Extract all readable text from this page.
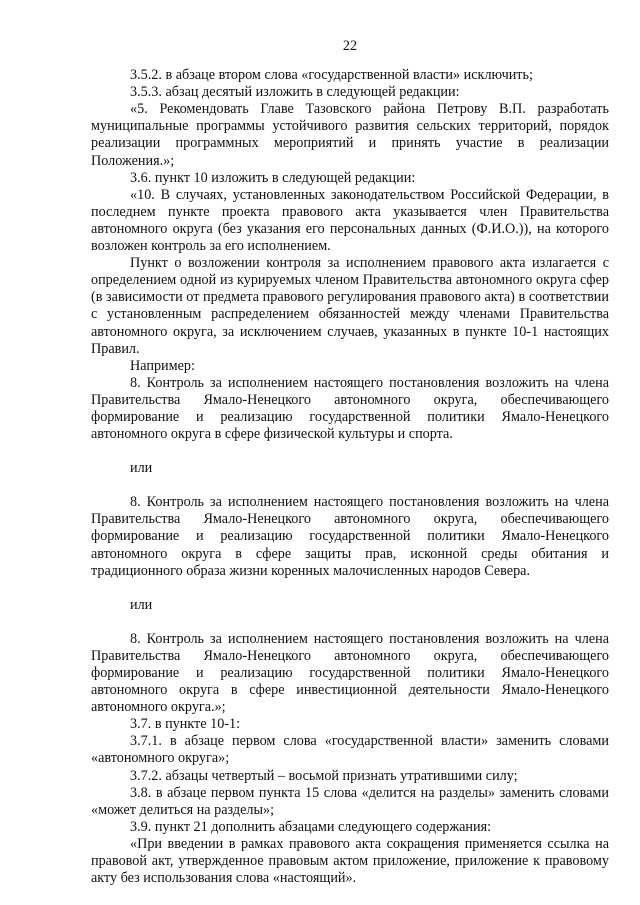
22

3.5.2. в абзаце втором слова «государственной власти» исключить;

3.5.3. абзац десятый изложить в следующей редакции:

«5. Рекомендовать Главе Тазовского района Петрову В.П. разработать муниципальные программы устойчивого развития сельских территорий, порядок реализации программных мероприятий и принять участие в реализации Положения.»;

3.6. пункт 10 изложить в следующей редакции:

«10. В случаях, установленных законодательством Российской Федерации, в последнем пункте проекта правового акта указывается член Правительства автономного округа (без указания его персональных данных (Ф.И.О.)), на которого возложен контроль за его исполнением.

Пункт о возложении контроля за исполнением правового акта излагается с определением одной из курируемых членом Правительства автономного округа сфер (в зависимости от предмета правового регулирования правового акта) в соответствии с установленным распределением обязанностей между членами Правительства автономного округа, за исключением случаев, указанных в пункте 10-1 настоящих Правил.

Например:

8. Контроль за исполнением настоящего постановления возложить на члена Правительства Ямало-Ненецкого автономного округа, обеспечивающего формирование и реализацию государственной политики Ямало-Ненецкого автономного округа в сфере физической культуры и спорта.

или

8. Контроль за исполнением настоящего постановления возложить на члена Правительства Ямало-Ненецкого автономного округа, обеспечивающего формирование и реализацию государственной политики Ямало-Ненецкого автономного округа в сфере защиты прав, исконной среды обитания и традиционного образа жизни коренных малочисленных народов Севера.

или

8. Контроль за исполнением настоящего постановления возложить на члена Правительства Ямало-Ненецкого автономного округа, обеспечивающего формирование и реализацию государственной политики Ямало-Ненецкого автономного округа в сфере инвестиционной деятельности Ямало-Ненецкого автономного округа.»;

3.7. в пункте 10-1:

3.7.1. в абзаце первом слова «государственной власти» заменить словами «автономного округа»;

3.7.2. абзацы четвертый – восьмой признать утратившими силу;

3.8. в абзаце первом пункта 15 слова «делится на разделы» заменить словами «может делиться на разделы»;

3.9. пункт 21 дополнить абзацами следующего содержания:

«При введении в рамках правового акта сокращения применяется ссылка на правовой акт, утвержденное правовым актом приложение, приложение к правовому акту без использования слова «настоящий».
